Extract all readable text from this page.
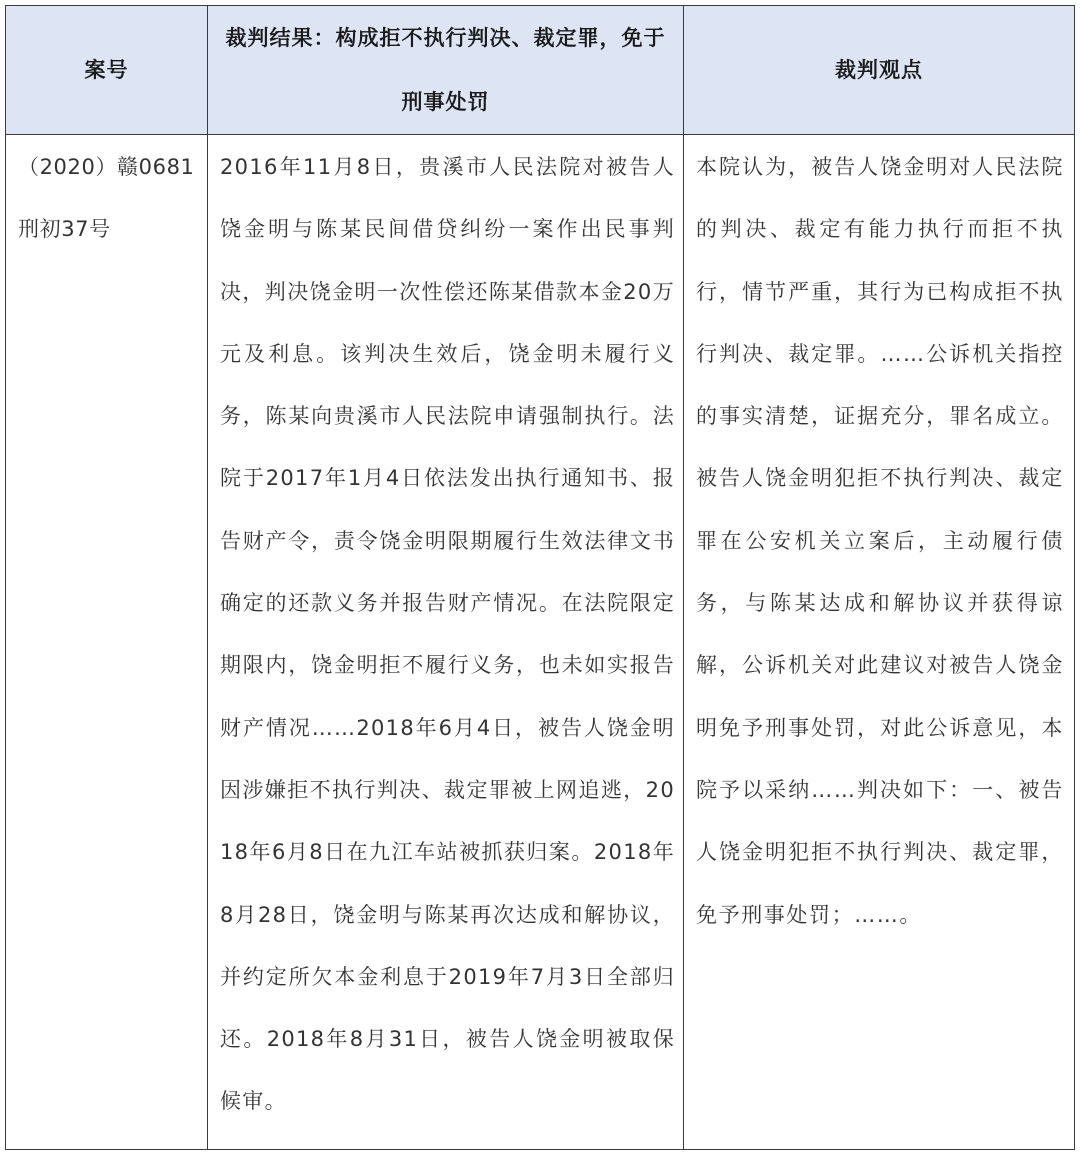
案号	裁判结果：构成拒不执行判决、裁定罪，免于刑事处罚	裁判观点

（2020）赣0681刑初37号	2016年11月8日，贵溪市人民法院对被告人饶金明与陈某民间借贷纠纷一案作出民事判决，判决饶金明一次性偿还陈某借款本金20万元及利息。该判决生效后，饶金明未履行义务，陈某向贵溪市人民法院申请强制执行。法院于2017年1月4日依法发出执行通知书、报告财产令，责令饶金明限期履行生效法律文书确定的还款义务并报告财产情况。在法院限定期限内，饶金明拒不履行义务，也未如实报告财产情况……2018年6月4日，被告人饶金明因涉嫌拒不执行判决、裁定罪被上网追逃，2018年6月8日在九江车站被抓获归案。2018年8月28日，饶金明与陈某再次达成和解协议，并约定所欠本金利息于2019年7月3日全部归还。2018年8月31日，被告人饶金明被取保候审。	本院认为，被告人饶金明对人民法院的判决、裁定有能力执行而拒不执行，情节严重，其行为已构成拒不执行判决、裁定罪。……公诉机关指控的事实清楚，证据充分，罪名成立。被告人饶金明犯拒不执行判决、裁定罪在公安机关立案后，主动履行债务，与陈某达成和解协议并获得谅解，公诉机关对此建议对被告人饶金明免予刑事处罚，对此公诉意见，本院予以采纳……判决如下：一、被告人饶金明犯拒不执行判决、裁定罪，免予刑事处罚；……。
